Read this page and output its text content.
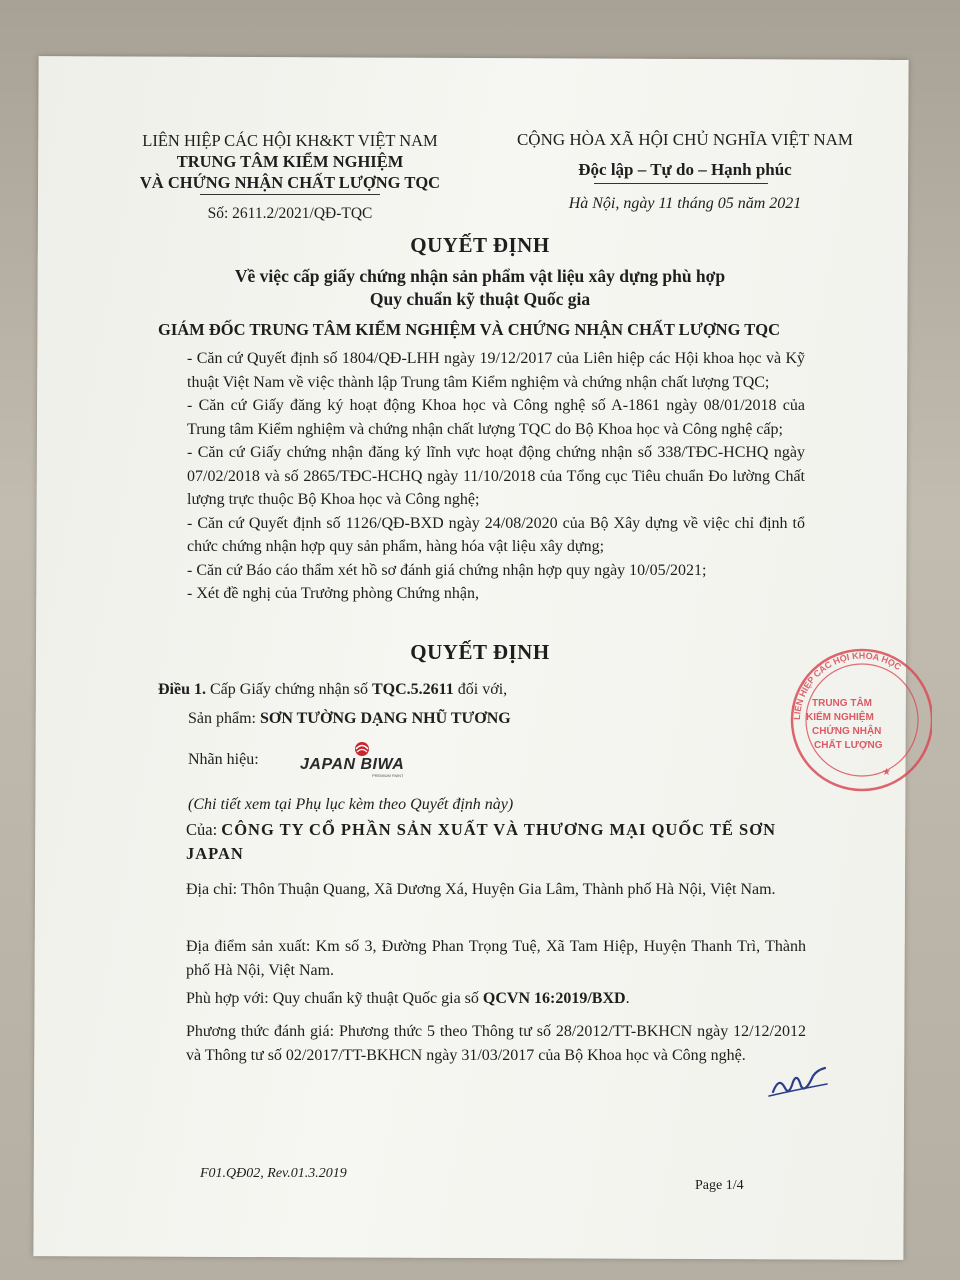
LIÊN HIỆP CÁC HỘI KH&KT VIỆT NAM
TRUNG TÂM KIỂM NGHIỆM
VÀ CHỨNG NHẬN CHẤT LƯỢNG TQC
Số: 2611.2/2021/QĐ-TQC
CỘNG HÒA XÃ HỘI CHỦ NGHĨA VIỆT NAM
Độc lập – Tự do – Hạnh phúc
Hà Nội, ngày 11 tháng 05 năm 2021
QUYẾT ĐỊNH
Về việc cấp giấy chứng nhận sản phẩm vật liệu xây dựng phù hợp
Quy chuẩn kỹ thuật Quốc gia
GIÁM ĐỐC TRUNG TÂM KIỂM NGHIỆM VÀ CHỨNG NHẬN CHẤT LƯỢNG TQC
- Căn cứ Quyết định số 1804/QĐ-LHH ngày 19/12/2017 của Liên hiệp các Hội khoa học và Kỹ thuật Việt Nam về việc thành lập Trung tâm Kiểm nghiệm và chứng nhận chất lượng TQC;
- Căn cứ Giấy đăng ký hoạt động Khoa học và Công nghệ số A-1861 ngày 08/01/2018 của Trung tâm Kiểm nghiệm và chứng nhận chất lượng TQC do Bộ Khoa học và Công nghệ cấp;
- Căn cứ Giấy chứng nhận đăng ký lĩnh vực hoạt động chứng nhận số 338/TĐC-HCHQ ngày 07/02/2018 và số 2865/TĐC-HCHQ ngày 11/10/2018 của Tổng cục Tiêu chuẩn Đo lường Chất lượng trực thuộc Bộ Khoa học và Công nghệ;
- Căn cứ Quyết định số 1126/QĐ-BXD ngày 24/08/2020 của Bộ Xây dựng về việc chỉ định tổ chức chứng nhận hợp quy sản phẩm, hàng hóa vật liệu xây dựng;
- Căn cứ Báo cáo thẩm xét hồ sơ đánh giá chứng nhận hợp quy ngày 10/05/2021;
- Xét đề nghị của Trưởng phòng Chứng nhận,
QUYẾT ĐỊNH
Điều 1. Cấp Giấy chứng nhận số TQC.5.2611 đối với,
Sản phẩm: SƠN TƯỜNG DẠNG NHŨ TƯƠNG
Nhãn hiệu:	JAPAN BIWA
PREMIUM PAINT
(Chi tiết xem tại Phụ lục kèm theo Quyết định này)
Của: CÔNG TY CỔ PHẦN SẢN XUẤT VÀ THƯƠNG MẠI QUỐC TẾ SƠN JAPAN
Địa chỉ: Thôn Thuận Quang, Xã Dương Xá, Huyện Gia Lâm, Thành phố Hà Nội, Việt Nam.
Địa điểm sản xuất: Km số 3, Đường Phan Trọng Tuệ, Xã Tam Hiệp, Huyện Thanh Trì, Thành phố Hà Nội, Việt Nam.
Phù hợp với: Quy chuẩn kỹ thuật Quốc gia số QCVN 16:2019/BXD.
Phương thức đánh giá: Phương thức 5 theo Thông tư số 28/2012/TT-BKHCN ngày 12/12/2012 và Thông tư số 02/2017/TT-BKHCN ngày 31/03/2017 của Bộ Khoa học và Công nghệ.
LIÊN HIỆP CÁC HỘI KHOA HỌC
TRUNG TÂM
KIỂM NGHIỆM
CHỨNG NHẬN
CHẤT LƯỢNG
★
F01.QĐ02, Rev.01.3.2019
Page 1/4
